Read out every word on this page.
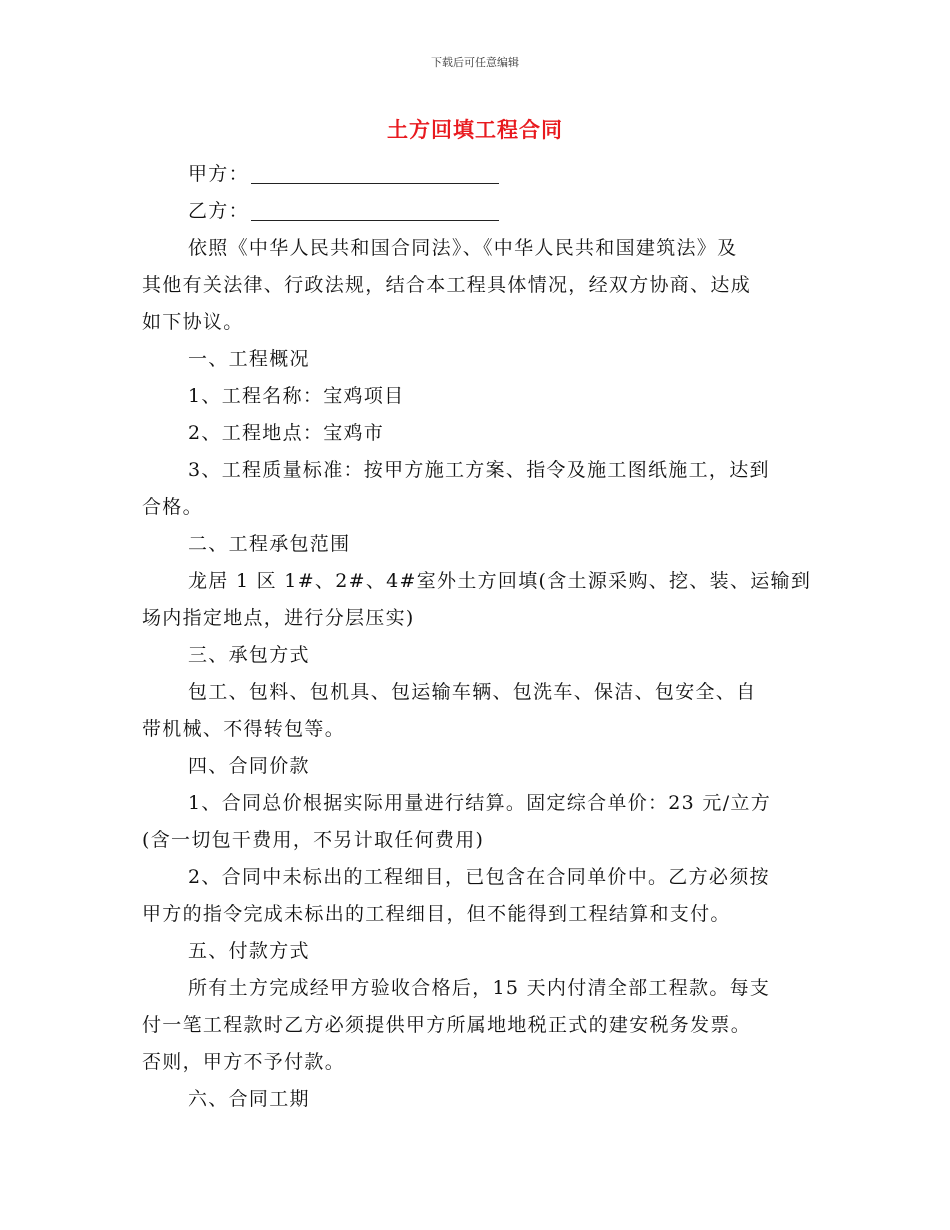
下载后可任意编辑
土方回填工程合同

甲方：

乙方：

依照《中华人民共和国合同法》、《中华人民共和国建筑法》及

其他有关法律、行政法规，结合本工程具体情况，经双方协商、达成

如下协议。

一、工程概况

1、工程名称：宝鸡项目

2、工程地点：宝鸡市

3、工程质量标准：按甲方施工方案、指令及施工图纸施工，达到

合格。

二、工程承包范围

龙居 1 区 1#、2#、4#室外土方回填(含土源采购、挖、装、运输到

场内指定地点，进行分层压实)

三、承包方式

包工、包料、包机具、包运输车辆、包洗车、保洁、包安全、自

带机械、不得转包等。

四、合同价款

1、合同总价根据实际用量进行结算。固定综合单价：23 元/立方

(含一切包干费用，不另计取任何费用)

2、合同中未标出的工程细目，已包含在合同单价中。乙方必须按

甲方的指令完成未标出的工程细目，但不能得到工程结算和支付。

五、付款方式

所有土方完成经甲方验收合格后，15 天内付清全部工程款。每支

付一笔工程款时乙方必须提供甲方所属地地税正式的建安税务发票。

否则，甲方不予付款。

六、合同工期
